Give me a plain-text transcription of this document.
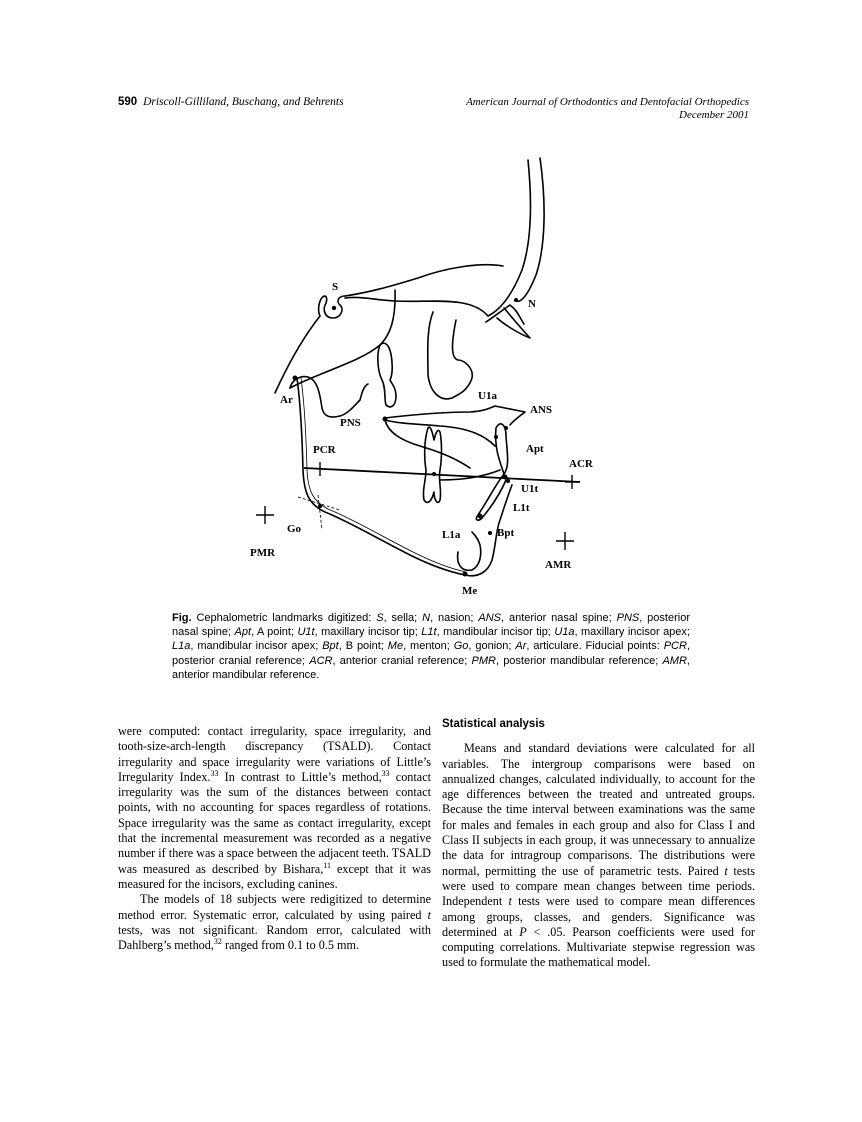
590 Driscoll-Gilliland, Buschang, and Behrents	American Journal of Orthodontics and Dentofacial Orthopedics
December 2001
S
N
Ar	U1a
ANS
PNS
PCR	Apt
ACR
U1t
L1t
Go	L1a	Bpt
PMR
AMR
Me
Fig. Cephalometric landmarks digitized: S, sella; N, nasion; ANS, anterior nasal spine; PNS, posterior nasal spine; Apt, A point; U1t, maxillary incisor tip; L1t, mandibular incisor tip; U1a, maxillary incisor apex; L1a, mandibular incisor apex; Bpt, B point; Me, menton; Go, gonion; Ar, articulare. Fiducial points: PCR, posterior cranial reference; ACR, anterior cranial reference; PMR, posterior mandibular reference; AMR, anterior mandibular reference.

were computed: contact irregularity, space irregularity, and tooth-size-arch-length discrepancy (TSALD). Contact irregularity and space irregularity were variations of Little’s Irregularity Index.$^{33}$ In contrast to Little’s method,$^{33}$ contact irregularity was the sum of the distances between contact points, with no accounting for spaces regardless of rotations. Space irregularity was the same as contact irregularity, except that the incremental measurement was recorded as a negative number if there was a space between the adjacent teeth. TSALD was measured as described by Bishara,$^{11}$ except that it was measured for the incisors, excluding canines.

The models of 18 subjects were redigitized to determine method error. Systematic error, calculated by using paired t tests, was not significant. Random error, calculated with Dahlberg’s method,$^{32}$ ranged from 0.1 to 0.5 mm.

Statistical analysis

Means and standard deviations were calculated for all variables. The intergroup comparisons were based on annualized changes, calculated individually, to account for the age differences between the treated and untreated groups. Because the time interval between examinations was the same for males and females in each group and also for Class I and Class II subjects in each group, it was unnecessary to annualize the data for intragroup comparisons. The distributions were normal, permitting the use of parametric tests. Paired t tests were used to compare mean changes between time periods. Independent t tests were used to compare mean differences among groups, classes, and genders. Significance was determined at P < .05. Pearson coefficients were used for computing correlations. Multivariate stepwise regression was used to formulate the mathematical model.
